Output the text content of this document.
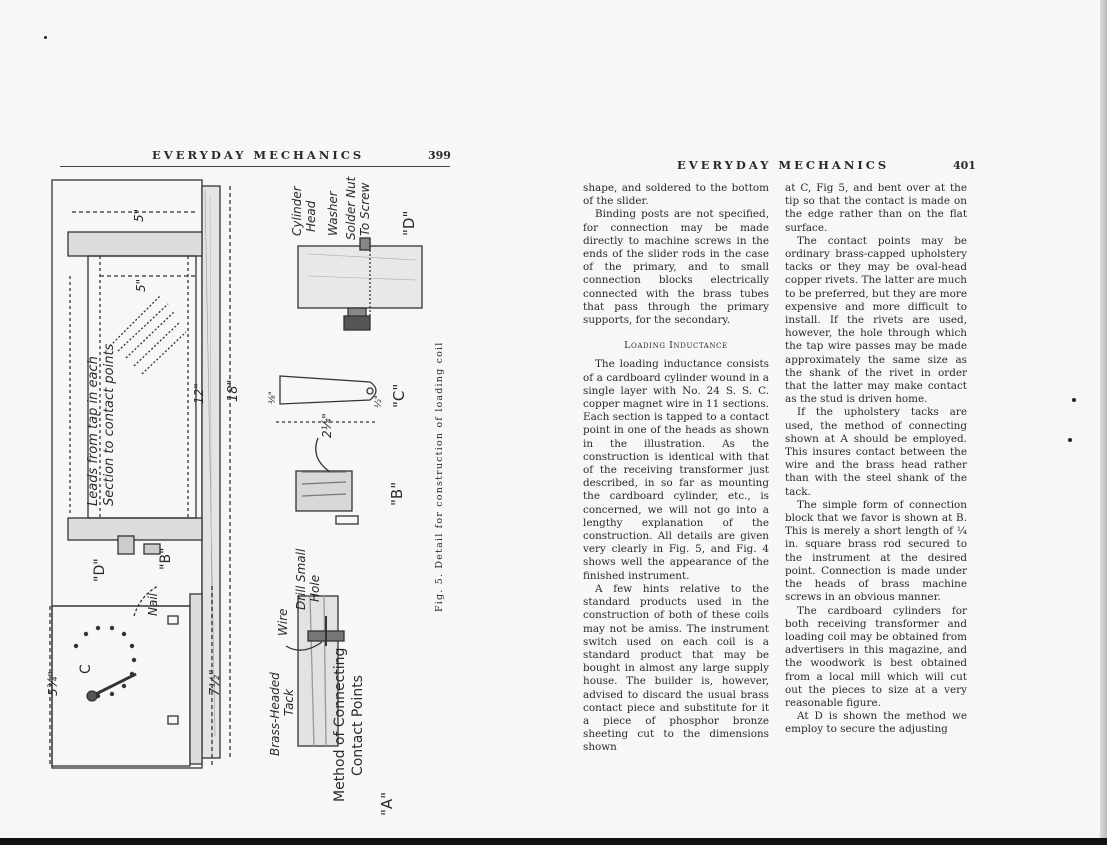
EVERYDAY MECHANICS	399
Leads from tap in each Section to contact points	18"
12"
5"
5"
5¾"	7½"
2¼"
⅜"	½"
C
"D"	"B"
"C"
"B"
"D"
"A"
Nail
Cylinder Head Washer Solder Nut To Screw
Drill Small Hole
Wire
Brass-Headed Tack	Method of Connecting Contact Points
Fig. 5. Detail for construction of loading coil
EVERYDAY MECHANICS	401

shape, and soldered to the bottom of the slider.

Binding posts are not specified, for connection may be made directly to machine screws in the ends of the slider rods in the case of the primary, and to small connection blocks electrically connected with the brass tubes that pass through the primary supports, for the secondary.

Loading Inductance

The loading inductance consists of a cardboard cylinder wound in a single layer with No. 24 S. S. C. copper magnet wire in 11 sections. Each section is tapped to a contact point in one of the heads as shown in the illustration. As the construction is identical with that of the receiving transformer just described, in so far as mounting the cardboard cylinder, etc., is concerned, we will not go into a lengthy explanation of the construction. All details are given very clearly in Fig. 5, and Fig. 4 shows well the appearance of the finished instrument.

A few hints relative to the standard products used in the construction of both of these coils may not be amiss. The instrument switch used on each coil is a standard product that may be bought in almost any large supply house. The builder is, however, advised to discard the usual brass contact piece and substitute for it a piece of phosphor bronze sheeting cut to the dimensions shown

at C, Fig 5, and bent over at the tip so that the contact is made on the edge rather than on the flat surface.

The contact points may be ordinary brass-capped upholstery tacks or they may be oval-head copper rivets. The latter are much to be preferred, but they are more expensive and more difficult to install. If the rivets are used, however, the hole through which the tap wire passes may be made approximately the same size as the shank of the rivet in order that the latter may make contact as the stud is driven home.

If the upholstery tacks are used, the method of connecting shown at A should be employed. This insures contact between the wire and the brass head rather than with the steel shank of the tack.

The simple form of connection block that we favor is shown at B. This is merely a short length of ¼ in. square brass rod secured to the instrument at the desired point. Connection is made under the heads of brass machine screws in an obvious manner.

The cardboard cylinders for both receiving transformer and loading coil may be obtained from advertisers in this magazine, and the woodwork is best obtained from a local mill which will cut out the pieces to size at a very reasonable figure.

At D is shown the method we employ to secure the adjusting
